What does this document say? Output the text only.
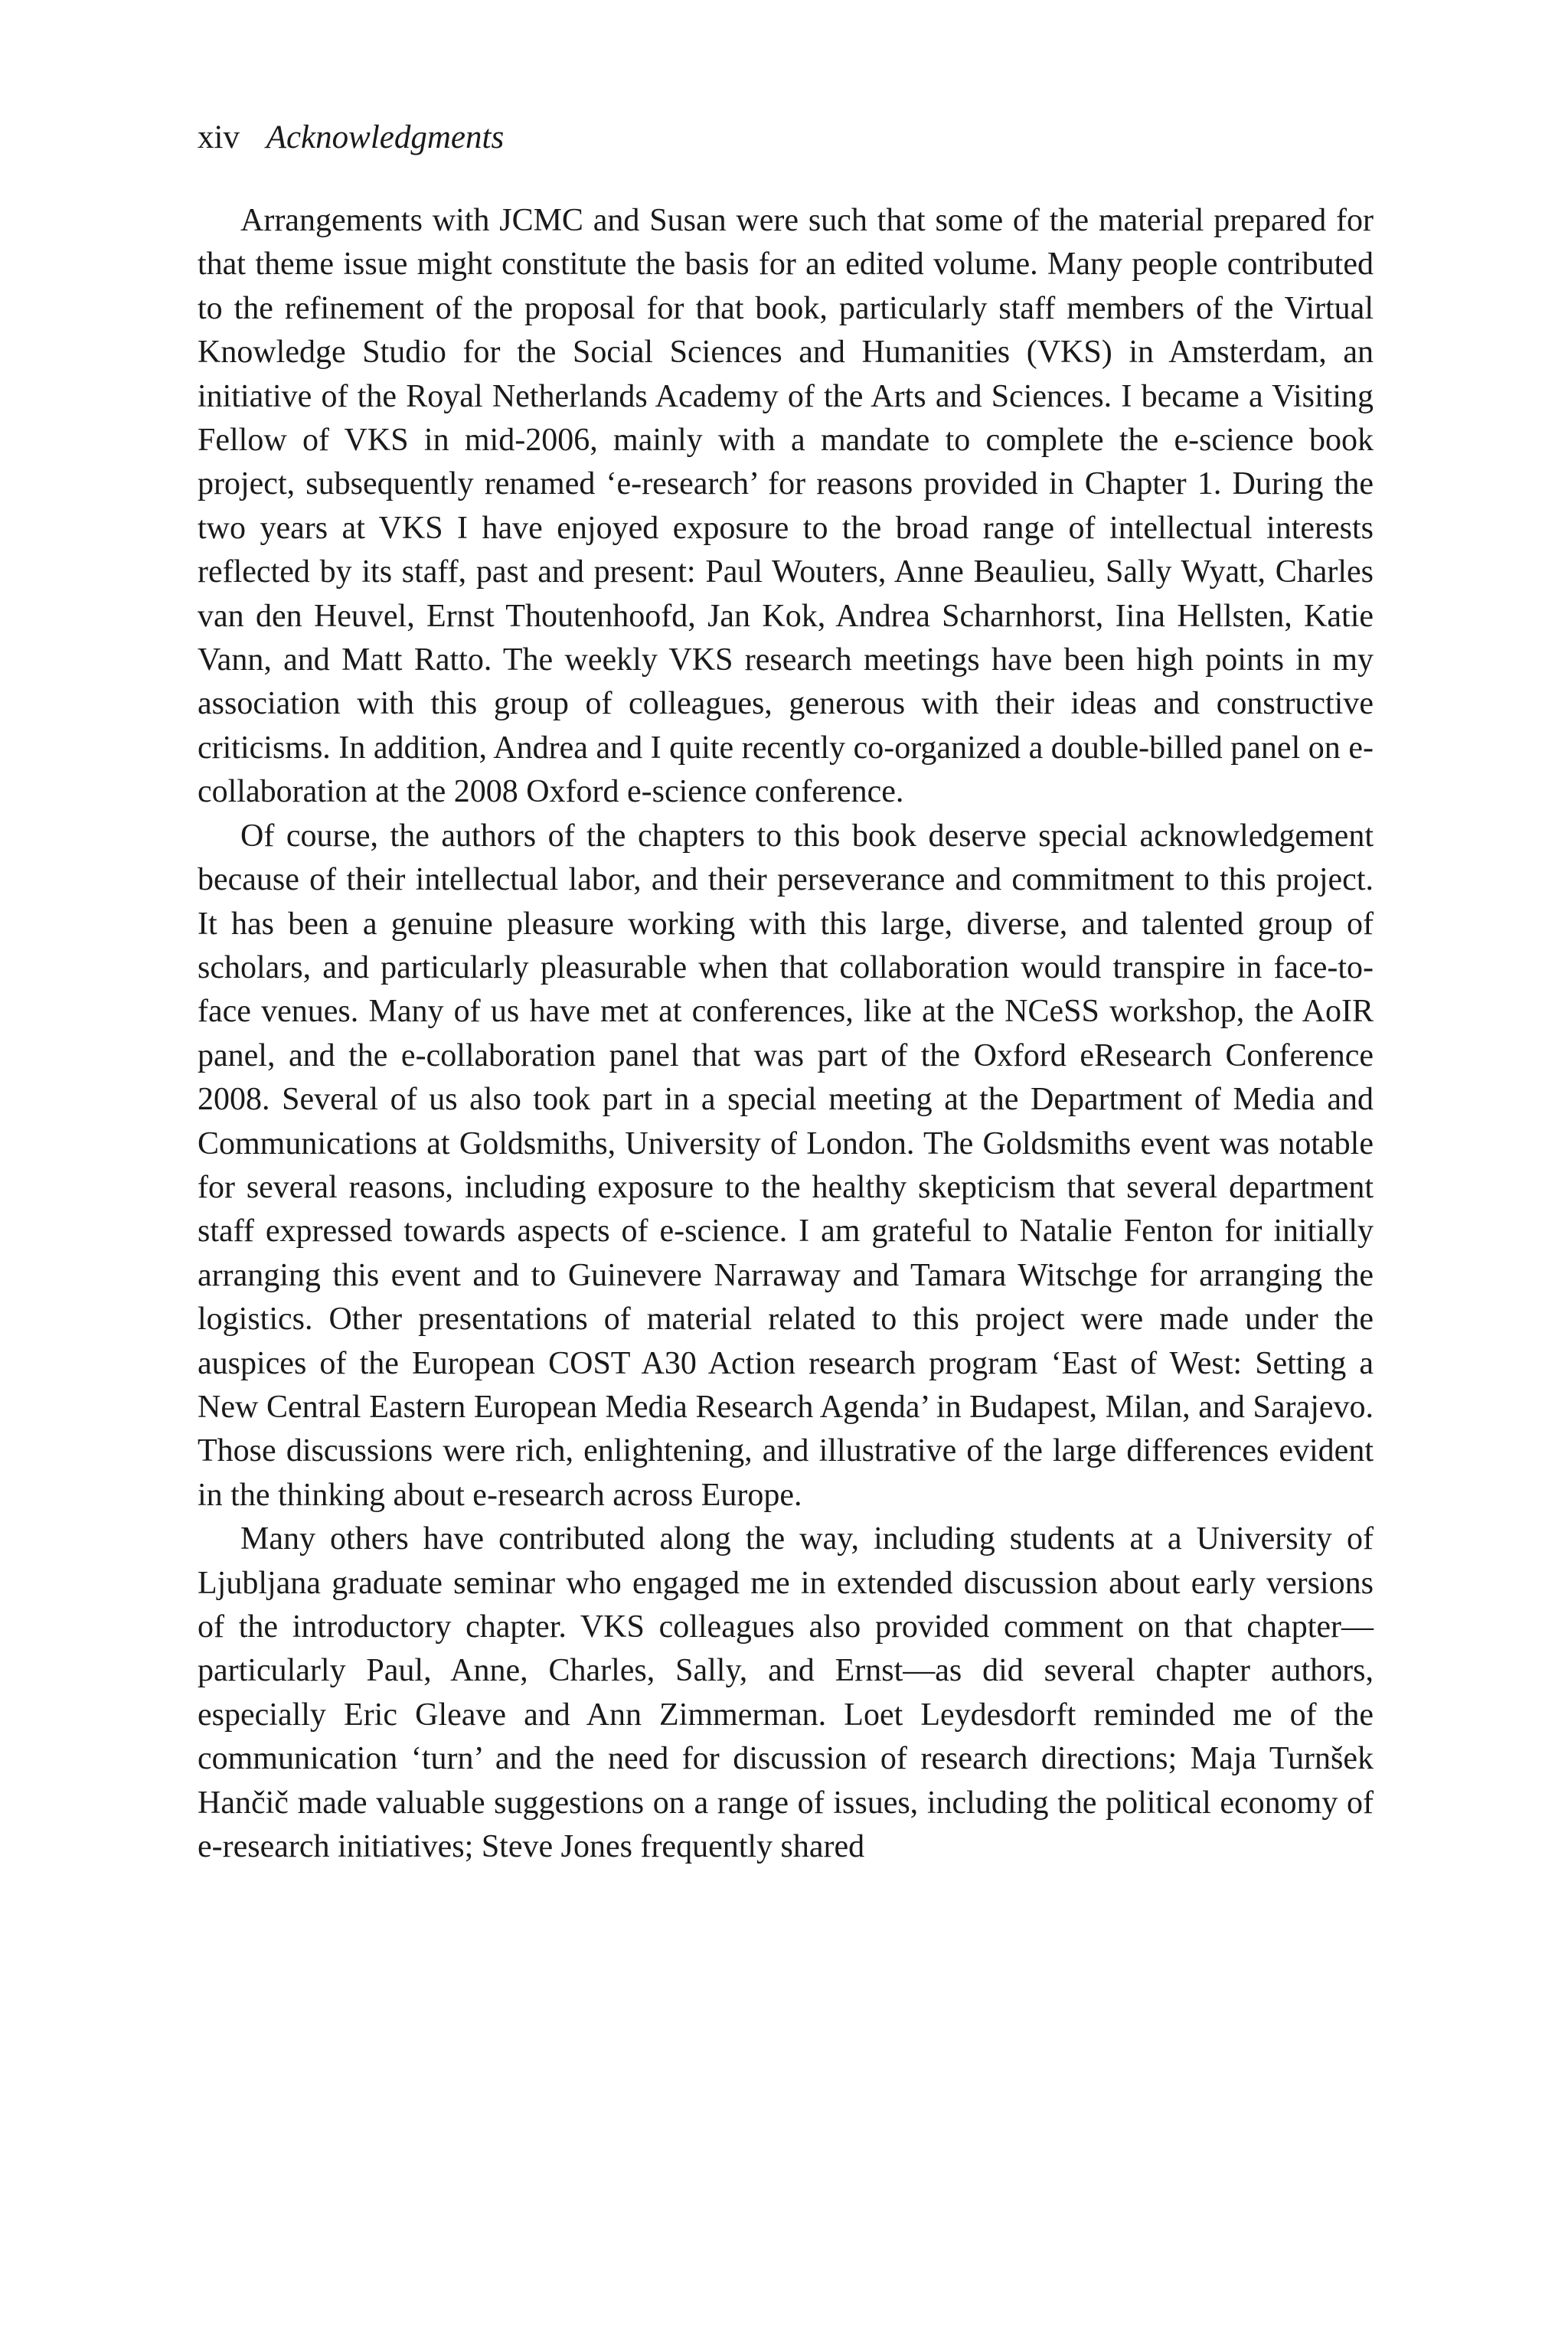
xiv Acknowledgments

Arrangements with JCMC and Susan were such that some of the material prepared for that theme issue might constitute the basis for an edited volume. Many people contributed to the refinement of the proposal for that book, particularly staff members of the Virtual Knowledge Studio for the Social Sciences and Humanities (VKS) in Amsterdam, an initiative of the Royal Netherlands Academy of the Arts and Sciences. I became a Visiting Fellow of VKS in mid-2006, mainly with a mandate to complete the e-science book project, subsequently renamed ‘e-research’ for reasons provided in Chapter 1. During the two years at VKS I have enjoyed exposure to the broad range of intellectual interests reflected by its staff, past and present: Paul Wouters, Anne Beaulieu, Sally Wyatt, Charles van den Heuvel, Ernst Thoutenhoofd, Jan Kok, Andrea Scharnhorst, Iina Hellsten, Katie Vann, and Matt Ratto. The weekly VKS research meetings have been high points in my association with this group of colleagues, generous with their ideas and constructive criticisms. In addition, Andrea and I quite recently co-organized a double-billed panel on e-collaboration at the 2008 Oxford e-science conference.

Of course, the authors of the chapters to this book deserve special acknowledgement because of their intellectual labor, and their perseverance and commitment to this project. It has been a genuine pleasure working with this large, diverse, and talented group of scholars, and particularly pleasurable when that collaboration would transpire in face-to-face venues. Many of us have met at conferences, like at the NCeSS workshop, the AoIR panel, and the e-collaboration panel that was part of the Oxford eResearch Conference 2008. Several of us also took part in a special meeting at the Department of Media and Communications at Goldsmiths, University of London. The Goldsmiths event was notable for several reasons, including exposure to the healthy skepticism that several department staff expressed towards aspects of e-science. I am grateful to Natalie Fenton for initially arranging this event and to Guinevere Narraway and Tamara Witschge for arranging the logistics. Other presentations of material related to this project were made under the auspices of the European COST A30 Action research program ‘East of West: Setting a New Central Eastern European Media Research Agenda’ in Budapest, Milan, and Sarajevo. Those discussions were rich, enlightening, and illustrative of the large differences evident in the thinking about e-research across Europe.

Many others have contributed along the way, including students at a University of Ljubljana graduate seminar who engaged me in extended discussion about early versions of the introductory chapter. VKS colleagues also provided comment on that chapter—particularly Paul, Anne, Charles, Sally, and Ernst—as did several chapter authors, especially Eric Gleave and Ann Zimmerman. Loet Leydesdorft reminded me of the communication ‘turn’ and the need for discussion of research directions; Maja Turnšek Hančič made valuable suggestions on a range of issues, including the political economy of e-research initiatives; Steve Jones frequently shared
